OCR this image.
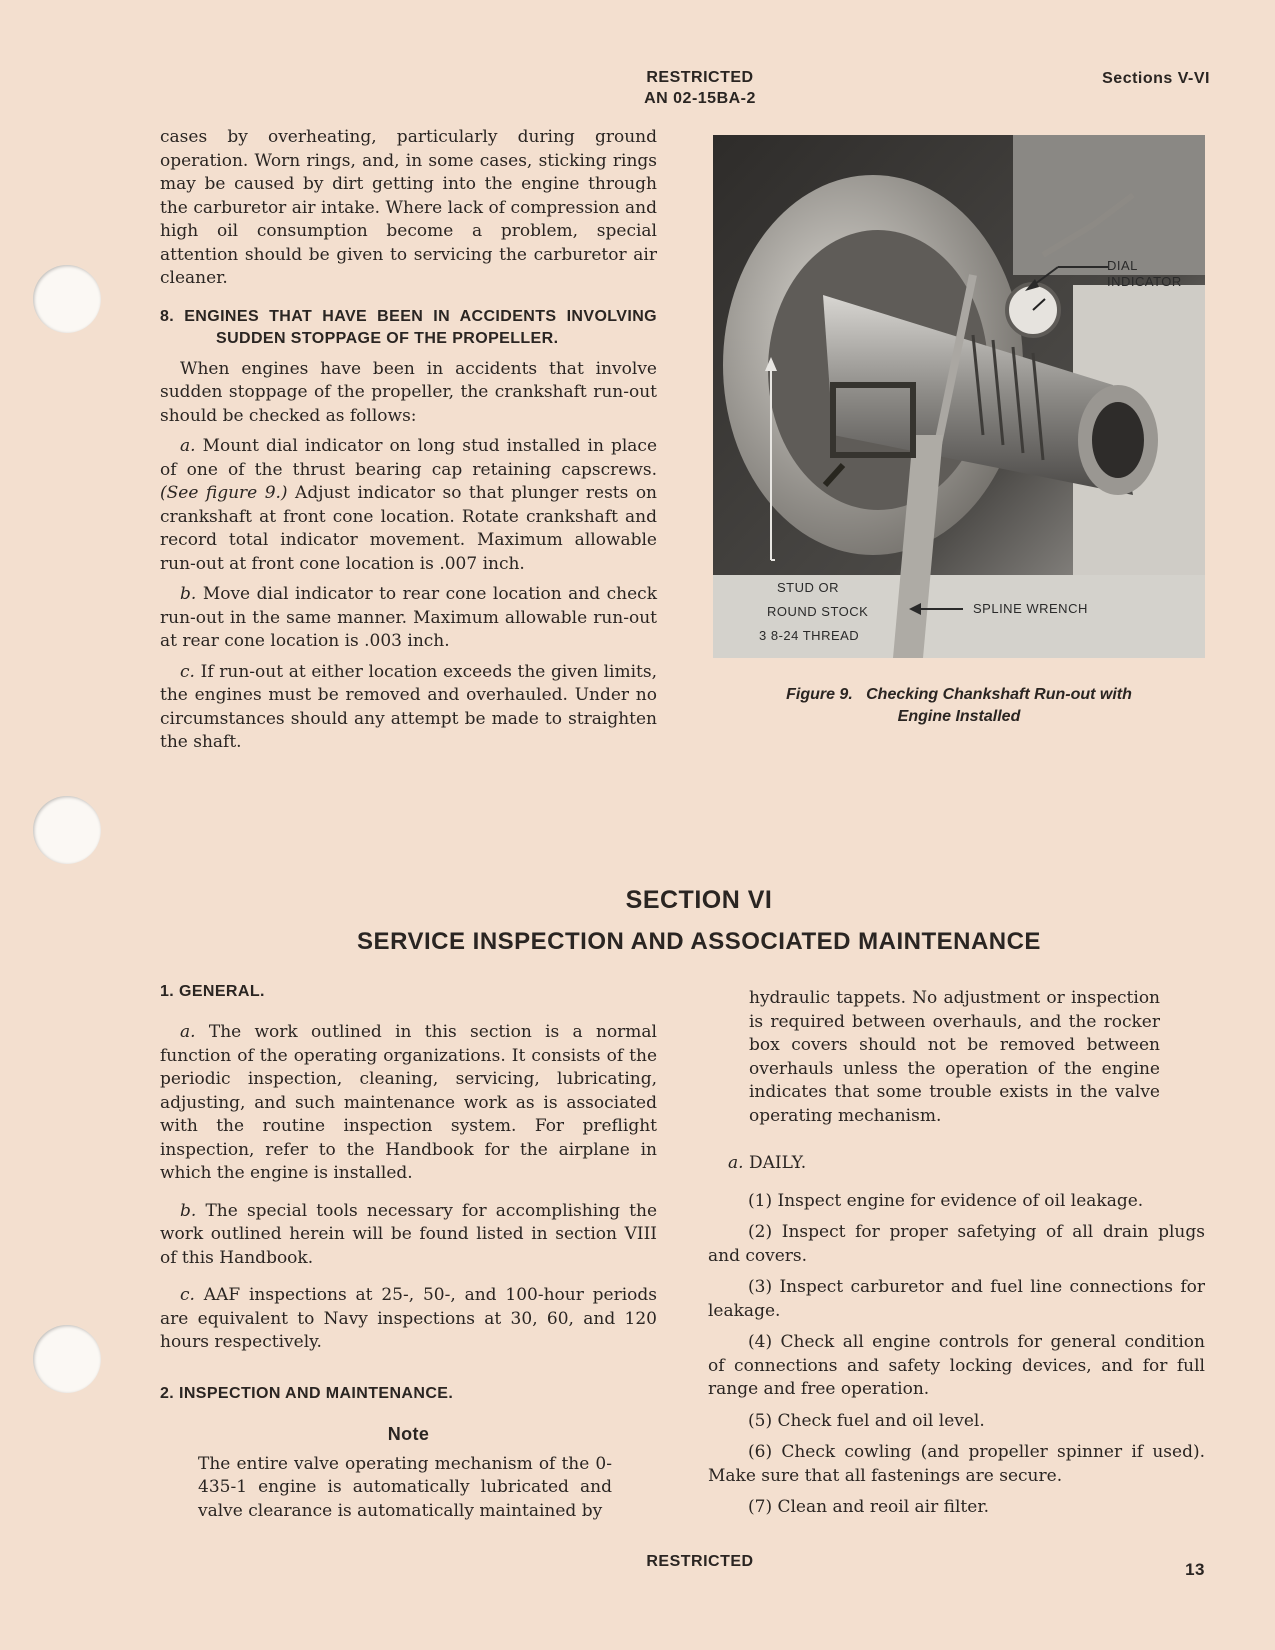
RESTRICTED
AN 02-15BA-2
Sections V-VI

cases by overheating, particularly during ground operation. Worn rings, and, in some cases, sticking rings may be caused by dirt getting into the engine through the carburetor air intake. Where lack of compression and high oil consumption become a problem, special attention should be given to servicing the carburetor air cleaner.

8. ENGINES THAT HAVE BEEN IN ACCIDENTS INVOLVING SUDDEN STOPPAGE OF THE PROPELLER.

When engines have been in accidents that involve sudden stoppage of the propeller, the crankshaft run-out should be checked as follows:

a. Mount dial indicator on long stud installed in place of one of the thrust bearing cap retaining capscrews. (See figure 9.) Adjust indicator so that plunger rests on crankshaft at front cone location. Rotate crankshaft and record total indicator movement. Maximum allowable run-out at front cone location is .007 inch.

b. Move dial indicator to rear cone location and check run-out in the same manner. Maximum allowable run-out at rear cone location is .003 inch.

c. If run-out at either location exceeds the given limits, the engines must be removed and overhauled. Under no circumstances should any attempt be made to straighten the shaft.

DIAL INDICATOR
STUD OR
ROUND STOCK
3 8-24 THREAD
SPLINE WRENCH
Figure 9.   Checking Chankshaft Run-out with
Engine Installed
SECTION VI
SERVICE INSPECTION AND ASSOCIATED MAINTENANCE

1. GENERAL.

a. The work outlined in this section is a normal function of the operating organizations. It consists of the periodic inspection, cleaning, servicing, lubricating, adjusting, and such maintenance work as is associated with the routine inspection system. For preflight inspection, refer to the Handbook for the airplane in which the engine is installed.

b. The special tools necessary for accomplishing the work outlined herein will be found listed in section VIII of this Handbook.

c. AAF inspections at 25-, 50-, and 100-hour periods are equivalent to Navy inspections at 30, 60, and 120 hours respectively.

2. INSPECTION AND MAINTENANCE.

Note

The entire valve operating mechanism of the 0-435-1 engine is automatically lubricated and valve clearance is automatically maintained by

hydraulic tappets. No adjustment or inspection is required between overhauls, and the rocker box covers should not be removed between overhauls unless the operation of the engine indicates that some trouble exists in the valve operating mechanism.

a. DAILY.

(1) Inspect engine for evidence of oil leakage.

(2) Inspect for proper safetying of all drain plugs and covers.

(3) Inspect carburetor and fuel line connections for leakage.

(4) Check all engine controls for general condition of connections and safety locking devices, and for full range and free operation.

(5) Check fuel and oil level.

(6) Check cowling (and propeller spinner if used). Make sure that all fastenings are secure.

(7) Clean and reoil air filter.

RESTRICTED	13
